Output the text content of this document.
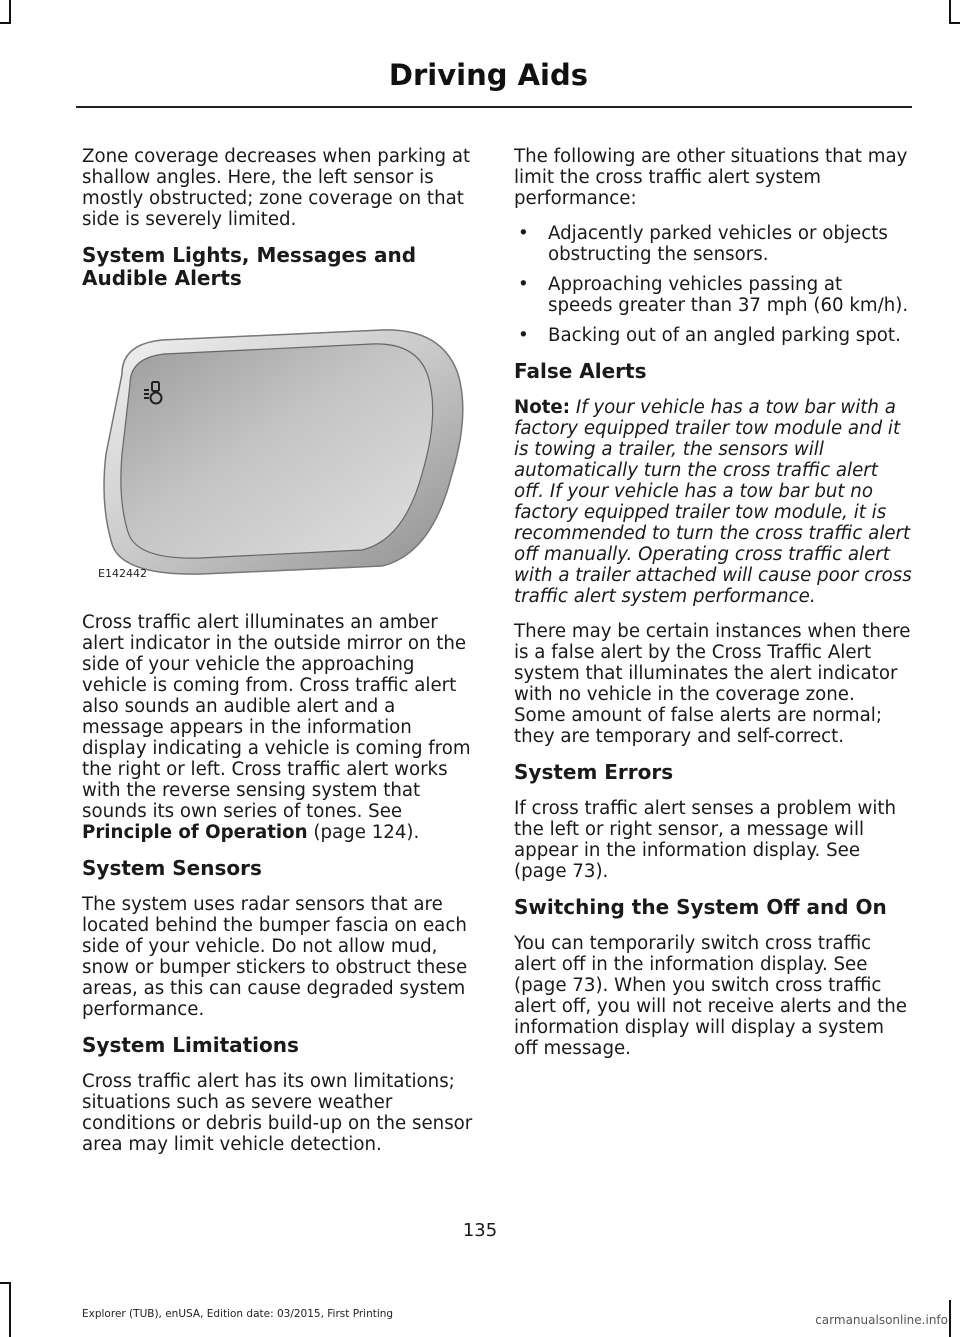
Driving Aids

Zone coverage decreases when parking at shallow angles. Here, the left sensor is mostly obstructed; zone coverage on that side is severely limited.

System Lights, Messages and Audible Alerts
E142442

Cross traffic alert illuminates an amber alert indicator in the outside mirror on the side of your vehicle the approaching vehicle is coming from. Cross traffic alert also sounds an audible alert and a message appears in the information display indicating a vehicle is coming from the right or left. Cross traffic alert works with the reverse sensing system that sounds its own series of tones. See Principle of Operation (page 124).

System Sensors

The system uses radar sensors that are located behind the bumper fascia on each side of your vehicle. Do not allow mud, snow or bumper stickers to obstruct these areas, as this can cause degraded system performance.

System Limitations

Cross traffic alert has its own limitations; situations such as severe weather conditions or debris build-up on the sensor area may limit vehicle detection.

The following are other situations that may limit the cross traffic alert system performance:

• Adjacently parked vehicles or objects obstructing the sensors.
• Approaching vehicles passing at speeds greater than 37 mph (60 km/h).
• Backing out of an angled parking spot.
False Alerts

Note: If your vehicle has a tow bar with a factory equipped trailer tow module and it is towing a trailer, the sensors will automatically turn the cross traffic alert off. If your vehicle has a tow bar but no factory equipped trailer tow module, it is recommended to turn the cross traffic alert off manually. Operating cross traffic alert with a trailer attached will cause poor cross traffic alert system performance.

There may be certain instances when there is a false alert by the Cross Traffic Alert system that illuminates the alert indicator with no vehicle in the coverage zone. Some amount of false alerts are normal; they are temporary and self-correct.

System Errors

If cross traffic alert senses a problem with the left or right sensor, a message will appear in the information display. See (page 73).

Switching the System Off and On

You can temporarily switch cross traffic alert off in the information display. See (page 73). When you switch cross traffic alert off, you will not receive alerts and the information display will display a system off message.

135
Explorer (TUB), enUSA, Edition date: 03/2015, First Printing	carmanualsonline.info
